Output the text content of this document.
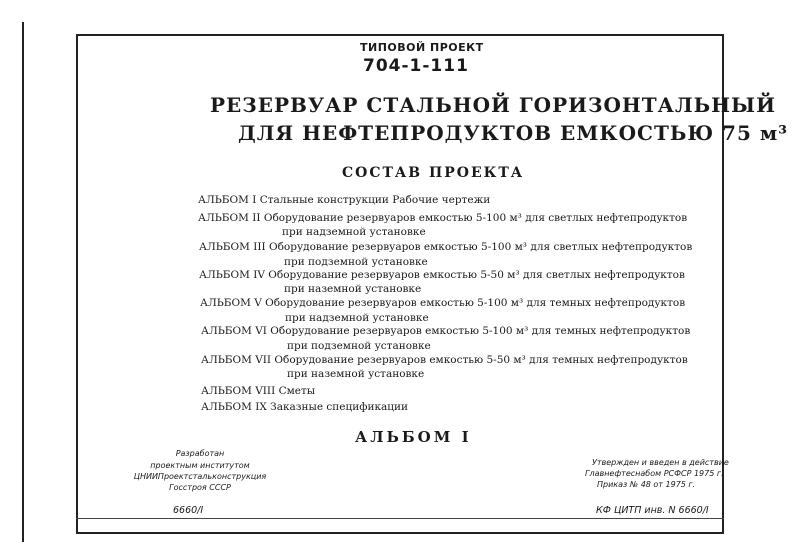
ТИПОВОЙ ПРОЕКТ
704-1-111
РЕЗЕРВУАР СТАЛЬНОЙ ГОРИЗОНТАЛЬНЫЙ
ДЛЯ НЕФТЕПРОДУКТОВ ЕМКОСТЬЮ 75 м³
СОСТАВ ПРОЕКТА
АЛЬБОМ I Стальные конструкции Рабочие чертежи
АЛЬБОМ II Оборудование резервуаров емкостью 5-100 м³ для светлых нефтепродуктов
при надземной установке
АЛЬБОМ III Оборудование резервуаров емкостью 5-100 м³ для светлых нефтепродуктов
при подземной установке
АЛЬБОМ IV Оборудование резервуаров емкостью 5-50 м³ для светлых нефтепродуктов
при наземной установке
АЛЬБОМ V Оборудование резервуаров емкостью 5-100 м³ для темных нефтепродуктов
при надземной установке
АЛЬБОМ VI Оборудование резервуаров емкостью 5-100 м³ для темных нефтепродуктов
при подземной установке
АЛЬБОМ VII Оборудование резервуаров емкостью 5-50 м³ для темных нефтепродуктов
при наземной установке
АЛЬБОМ VIII Сметы
АЛЬБОМ IX Заказные спецификации
АЛЬБОМ I
Разработан
проектным институтом
ЦНИИПроектстальконструкция
Госстроя СССР
Утвержден и введен в действие
Главнефтеснабом РСФСР 1975 г.
Приказ № 48 от 1975 г.
6660/I	КФ ЦИТП инв. N 6660/I
